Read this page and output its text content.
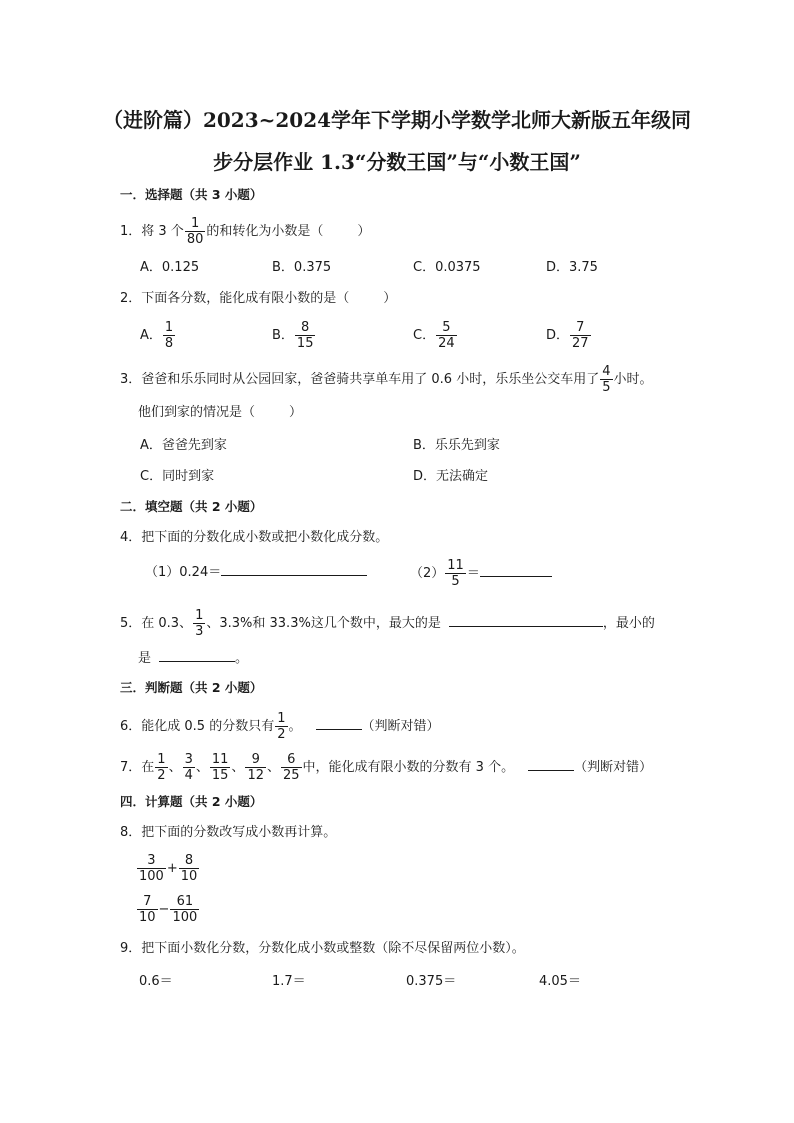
（进阶篇）2023~2024学年下学期小学数学北师大新版五年级同
步分层作业 1.3“分数王国”与“小数王国”
一．选择题（共 3 小题）
1．将 3 个 $\frac{1}{80}$ 的和转化为小数是（	）
A．0.125	B．0.375	C．0.0375	D．3.75
2．下面各分数，能化成有限小数的是（	）
A． $\frac{1}{8}$	B． $\frac{8}{15}$	C． $\frac{5}{24}$	D． $\frac{7}{27}$
3．爸爸和乐乐同时从公园回家，爸爸骑共享单车用了 0.6 小时，乐乐坐公交车用了 $\frac{4}{5}$ 小时。
他们到家的情况是（	）
A．爸爸先到家	B．乐乐先到家
C．同时到家	D．无法确定
二．填空题（共 2 小题）
4．把下面的分数化成小数或把小数化成分数。
（1）0.24＝	$(2) \frac{11}{5}$ ＝
5．在 0.3、 $\frac{1}{3}$ 、3.3%和 33.3%这几个数中，最大的是	，最小的
是	。
三．判断题（共 2 小题）
6．能化成 0.5 的分数只有 $\frac{1}{2}$ 。	（判断对错）
7．在 $\frac{1}{2}$ 、 $\frac{3}{4}$ 、 $\frac{11}{15}$ 、 $\frac{9}{12}$ 、 $\frac{6}{25}$ 中，能化成有限小数的分数有 3 个。	（判断对错）
四．计算题（共 2 小题）
8．把下面的分数改写成小数再计算。
$\frac{3}{100} + \frac{8}{10}$
$\frac{7}{10} - \frac{61}{100}$
9．把下面小数化分数，分数化成小数或整数（除不尽保留两位小数）。
0.6＝	1.7＝	0.375＝	4.05＝
